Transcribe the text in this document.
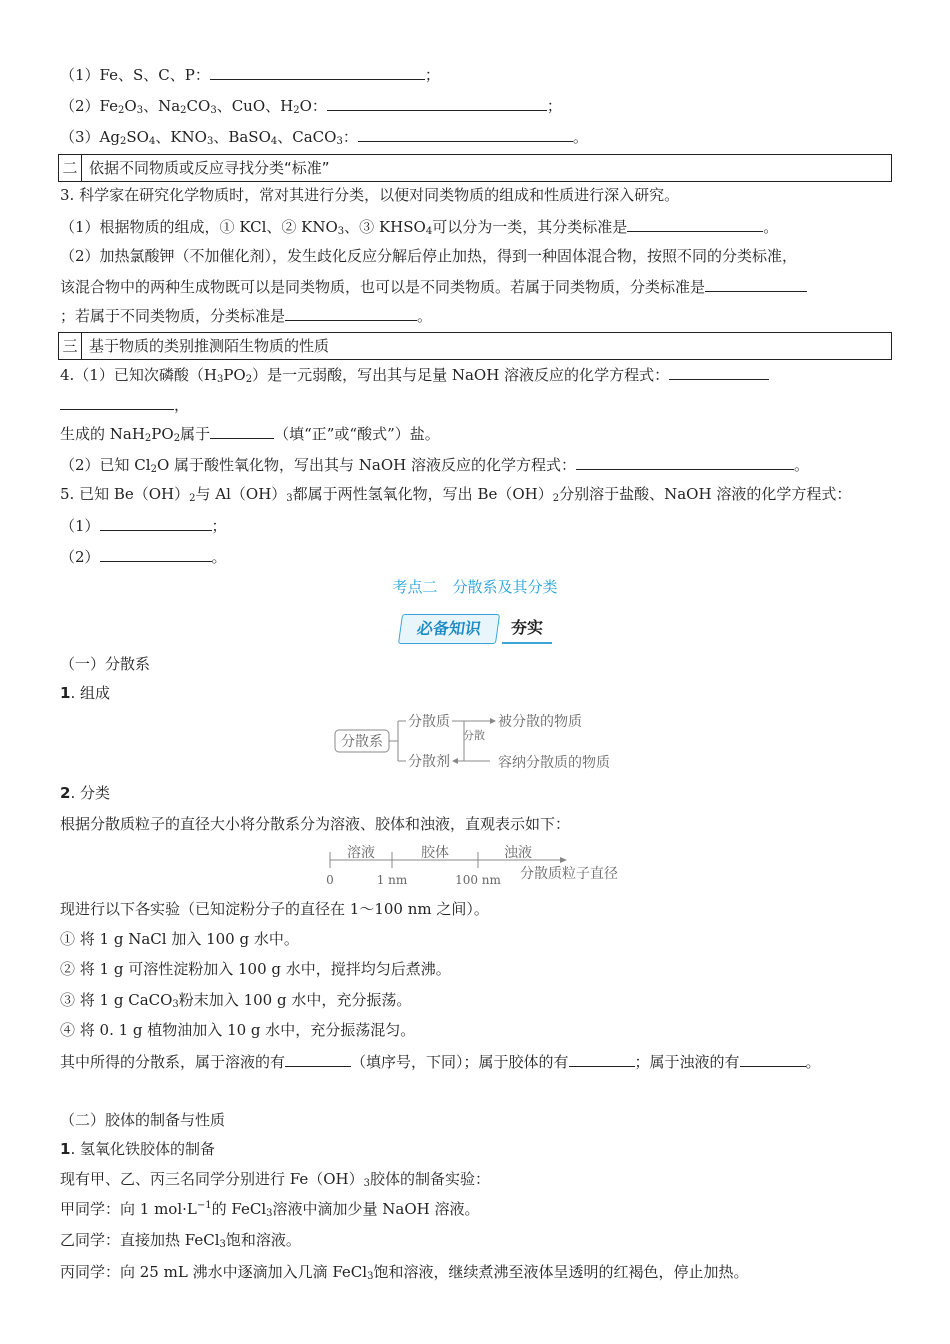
（1）Fe、S、C、P：	；
$(2)Fe_2O_3$、$Na_2CO_3$、CuO、$H_2O$：	；
$(3)Ag_2SO_4$、$KNO_3$、BaSO$_4$、CaCO$_3$：	。
二 依据不同物质或反应寻找分类“标准”
3. 科学家在研究化学物质时，常对其进行分类，以便对同类物质的组成和性质进行深入研究。
（1）根据物质的组成，① KCl、② $KNO_3$、③ $KHSO_4$可以分为一类，其分类标准是	。
（2）加热氯酸钾（不加催化剂），发生歧化反应分解后停止加热，得到一种固体混合物，按照不同的分类标准，
该混合物中的两种生成物既可以是同类物质，也可以是不同类物质。若属于同类物质，分类标准是
；若属于不同类物质，分类标准是	。
三 基于物质的类别推测陌生物质的性质
4.（1）已知次磷酸$(H_3PO_2)$是一元弱酸，写出其与足量 NaOH 溶液反应的化学方程式：
，
生成的 $NaH_2PO_2$属于	（填“正”或“酸式”）盐。
（2）已知 $Cl_2O$ 属于酸性氧化物，写出其与 NaOH 溶液反应的化学方程式：	。
5. 已知 $Be(OH)_2$与 $Al(OH)_3$都属于两性氢氧化物，写出 $Be(OH)_2$分别溶于盐酸、NaOH 溶液的化学方程式：
（1）	；
（2）	。
考点二　分散系及其分类
必备知识	夯实
（一）分散系
1. 组成
分散系
分散质
分散剂
分散
被分散的物质
容纳分散质的物质
2. 分类
根据分散质粒子的直径大小将分散系分为溶液、胶体和浊液，直观表示如下：
溶液	胶体	浊液
0	1 nm	100 nm 分散质粒子直径
现进行以下各实验（已知淀粉分子的直径在 1～100 nm 之间）。
① 将 1 g NaCl 加入 100 g 水中。
② 将 1 g 可溶性淀粉加入 100 g 水中，搅拌均匀后煮沸。
③ 将 1 g CaCO$_3$粉末加入 100 g 水中，充分振荡。
④ 将 0. 1 g 植物油加入 10 g 水中，充分振荡混匀。
其中所得的分散系，属于溶液的有	（填序号，下同）；属于胶体的有	；属于浊液的有	。
（二）胶体的制备与性质
1. 氢氧化铁胶体的制备
现有甲、乙、丙三名同学分别进行 $Fe(OH)_3$胶体的制备实验：
甲同学：向 1 $mol\cdot L^{-1}$的 FeCl$_3$溶液中滴加少量 NaOH 溶液。
乙同学：直接加热 FeCl$_3$饱和溶液。
丙同学：向 25 mL 沸水中逐滴加入几滴 FeCl$_3$饱和溶液，继续煮沸至液体呈透明的红褐色，停止加热。
